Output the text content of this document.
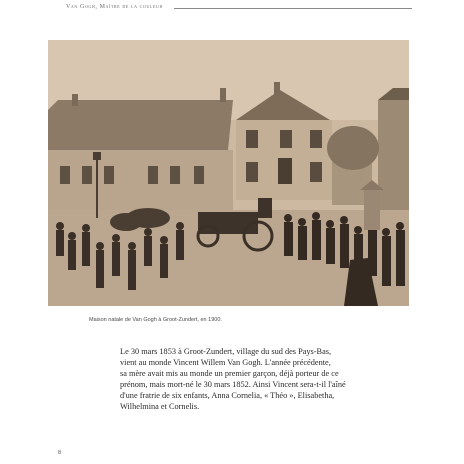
Van Gogh, Maître de la couleur
Maison natale de Van Gogh à Groot-Zundert, en 1900.
Le 30 mars 1853 à Groot-Zundert, village du sud des Pays-Bas,
vient au monde Vincent Willem Van Gogh. L'année précédente,
sa mère avait mis au monde un premier garçon, déjà porteur de ce
prénom, mais mort-né le 30 mars 1852. Ainsi Vincent sera-t-il l'aîné
d'une fratrie de six enfants, Anna Cornelia, « Théo », Elisabetha,
Wilhelmina et Cornelis.
8
